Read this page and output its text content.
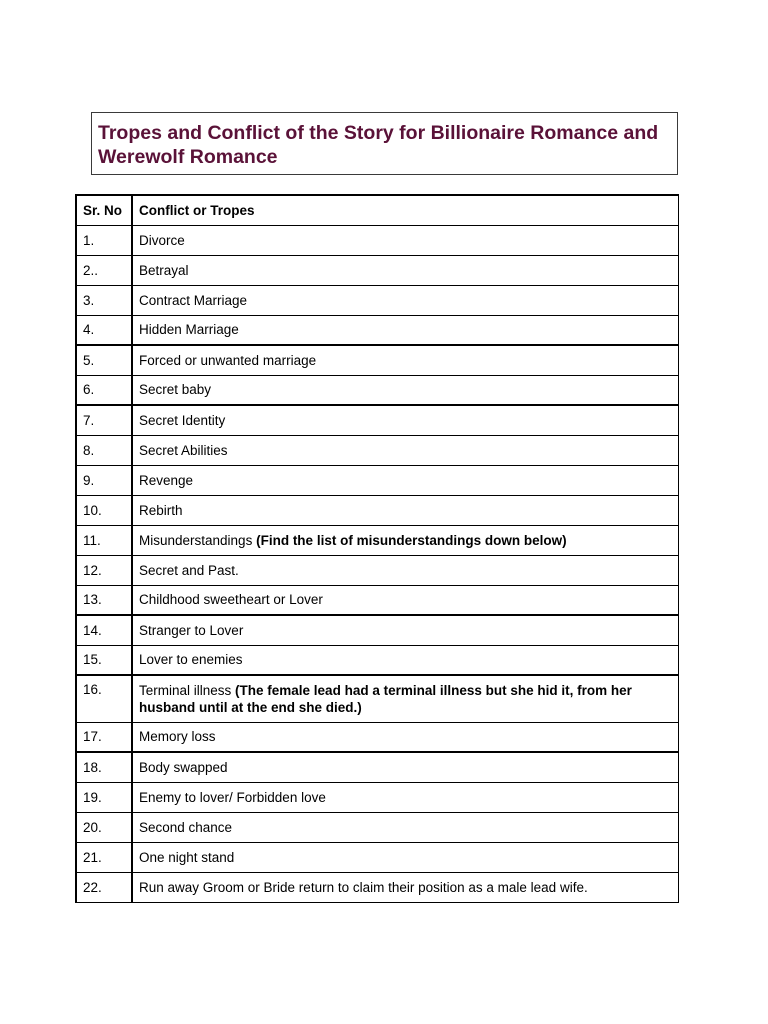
Tropes and Conflict of the Story for Billionaire Romance and Werewolf Romance

Sr. No	Conflict or Tropes
1.	Divorce
2..	Betrayal
3.	Contract Marriage
4.	Hidden Marriage
5.	Forced or unwanted marriage
6.	Secret baby
7.	Secret Identity
8.	Secret Abilities
9.	Revenge
10.	Rebirth
11.	Misunderstandings (Find the list of misunderstandings down below)
12.	Secret and Past.
13.	Childhood sweetheart or Lover
14.	Stranger to Lover
15.	Lover to enemies
16.	Terminal illness (The female lead had a terminal illness but she hid it, from her husband until at the end she died.)
17.	Memory loss
18.	Body swapped
19.	Enemy to lover/ Forbidden love
20.	Second chance
21.	One night stand
22.	Run away Groom or Bride return to claim their position as a male lead wife.
